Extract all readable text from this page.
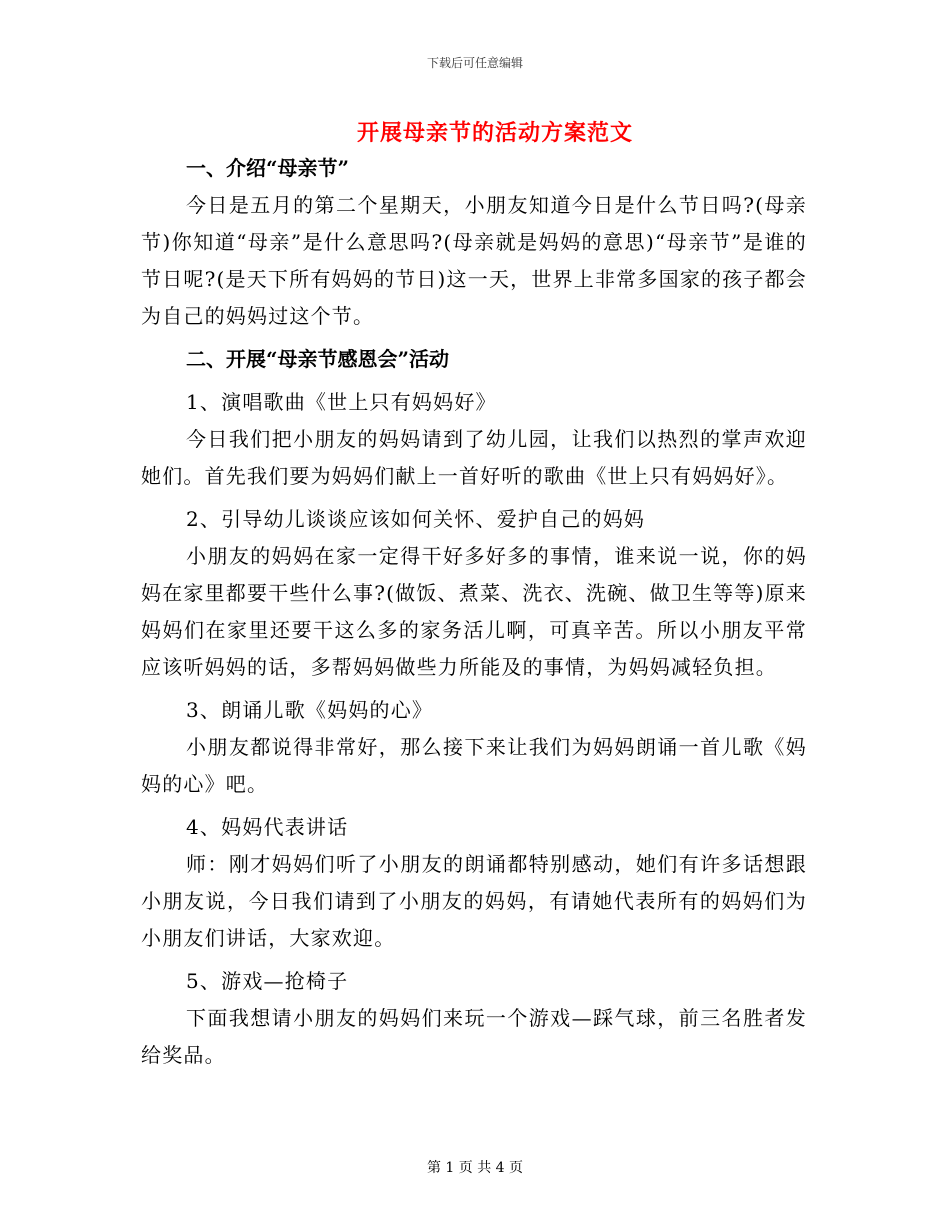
下载后可任意编辑
开展母亲节的活动方案范文
一、介绍“母亲节”

今日是五月的第二个星期天，小朋友知道今日是什么节日吗?(母亲节)你知道“母亲”是什么意思吗?(母亲就是妈妈的意思)“母亲节”是谁的节日呢?(是天下所有妈妈的节日)这一天，世界上非常多国家的孩子都会为自己的妈妈过这个节。

二、开展“母亲节感恩会”活动
1、演唱歌曲《世上只有妈妈好》

今日我们把小朋友的妈妈请到了幼儿园，让我们以热烈的掌声欢迎她们。首先我们要为妈妈们献上一首好听的歌曲《世上只有妈妈好》。

2、引导幼儿谈谈应该如何关怀、爱护自己的妈妈

小朋友的妈妈在家一定得干好多好多的事情，谁来说一说，你的妈妈在家里都要干些什么事?(做饭、煮菜、洗衣、洗碗、做卫生等等)原来妈妈们在家里还要干这么多的家务活儿啊，可真辛苦。所以小朋友平常应该听妈妈的话，多帮妈妈做些力所能及的事情，为妈妈减轻负担。

3、朗诵儿歌《妈妈的心》

小朋友都说得非常好，那么接下来让我们为妈妈朗诵一首儿歌《妈妈的心》吧。

4、妈妈代表讲话

师：刚才妈妈们听了小朋友的朗诵都特别感动，她们有许多话想跟小朋友说，今日我们请到了小朋友的妈妈，有请她代表所有的妈妈们为小朋友们讲话，大家欢迎。

5、游戏—抢椅子

下面我想请小朋友的妈妈们来玩一个游戏—踩气球，前三名胜者发给奖品。

第 1 页 共 4 页
